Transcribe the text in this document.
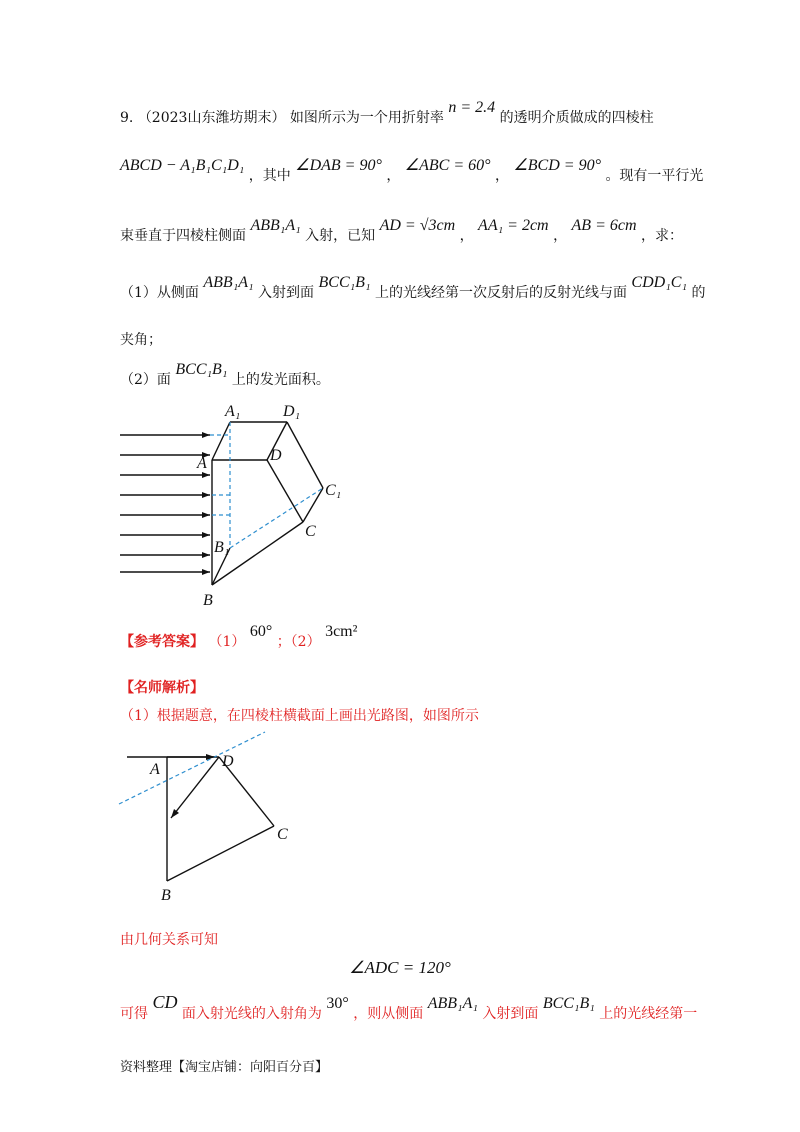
9. （2023山东潍坊期末） 如图所示为一个用折射率 n = 2.4 的透明介质做成的四棱柱
ABCD − A₁B₁C₁D₁ ，其中 ∠DAB = 90° ， ∠ABC = 60° ， ∠BCD = 90° 。现有一平行光
束垂直于四棱柱侧面 ABB₁A₁ 入射，已知 AD = √3cm ， AA₁ = 2cm ， AB = 6cm ，求：
（1）从侧面 ABB₁A₁ 入射到面 BCC₁B₁ 上的光线经第一次反射后的反射光线与面 CDD₁C₁ 的
夹角；
（2）面 BCC₁B₁ 上的发光面积。
A₁	D₁
A	D
C₁
C
B₁
B
【参考答案】 （1） 60° ；（2） 3cm²
【名师解析】
（1）根据题意，在四棱柱横截面上画出光路图，如图所示
A	D
C
B
由几何关系可知
∠ADC = 120°
可得 CD 面入射光线的入射角为 30° ，则从侧面 ABB₁A₁ 入射到面 BCC₁B₁ 上的光线经第一
资料整理【淘宝店铺：向阳百分百】
